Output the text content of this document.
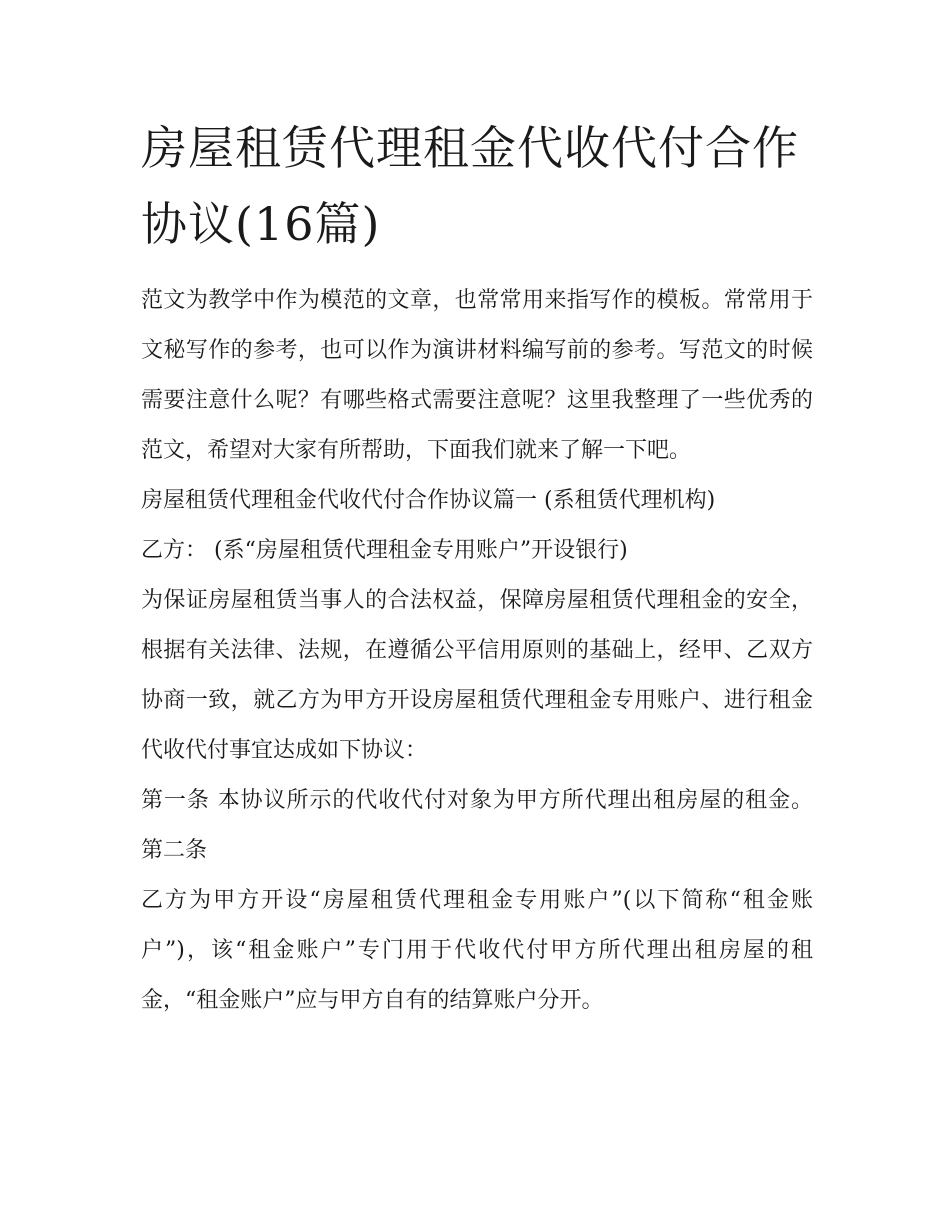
房屋租赁代理租金代收代付合作协议(16篇)

范文为教学中作为模范的文章，也常常用来指写作的模板。常常用于文秘写作的参考，也可以作为演讲材料编写前的参考。写范文的时候需要注意什么呢？有哪些格式需要注意呢？这里我整理了一些优秀的范文，希望对大家有所帮助，下面我们就来了解一下吧。

房屋租赁代理租金代收代付合作协议篇一 (系租赁代理机构)

乙方： (系“房屋租赁代理租金专用账户”开设银行)

为保证房屋租赁当事人的合法权益，保障房屋租赁代理租金的安全，根据有关法律、法规，在遵循公平信用原则的基础上，经甲、乙双方协商一致，就乙方为甲方开设房屋租赁代理租金专用账户、进行租金代收代付事宜达成如下协议：

第一条 本协议所示的代收代付对象为甲方所代理出租房屋的租金。 第二条

乙方为甲方开设“房屋租赁代理租金专用账户”(以下简称“租金账户”)，该“租金账户”专门用于代收代付甲方所代理出租房屋的租金，“租金账户”应与甲方自有的结算账户分开。
